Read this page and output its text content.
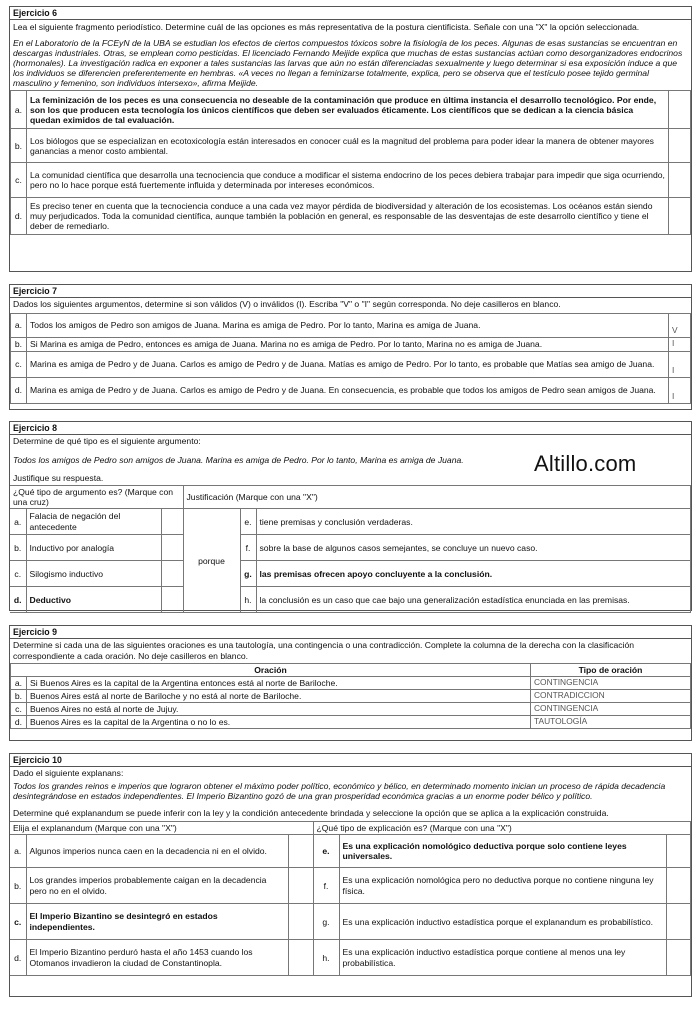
Ejercicio 6
Lea el siguiente fragmento periodístico. Determine cuál de las opciones es más representativa de la postura cientificista. Señale con una "X" la opción seleccionada.
En el Laboratorio de la FCEyN de la UBA se estudian los efectos de ciertos compuestos tóxicos sobre la fisiología de los peces. Algunas de esas sustancias se encuentran en descargas industriales. Otras, se emplean como pesticidas. El licenciado Fernando Meijide explica que muchas de estas sustancias actúan como desorganizadores endocrinos (hormonales). La investigación radica en exponer a tales sustancias las larvas que aún no están diferenciadas sexualmente y luego determinar si esa exposición induce a que los individuos se diferencien preferentemente en hembras. «A veces no llegan a feminizarse totalmente, explica, pero se observa que el testículo posee tejido germinal masculino y femenino, son individuos intersexo», afirma Meijide.
a.	La feminización de los peces es una consecuencia no deseable de la contaminación que produce en última instancia el desarrollo tecnológico. Por ende, son los que producen esta tecnología los únicos científicos que deben ser evaluados éticamente. Los científicos que se dedican a la ciencia básica quedan eximidos de tal evaluación.	
b.	Los biólogos que se especializan en ecotoxicología están interesados en conocer cuál es la magnitud del problema para poder idear la manera de obtener mayores ganancias a menor costo ambiental.	
c.	La comunidad científica que desarrolla una tecnociencia que conduce a modificar el sistema endocrino de los peces debiera trabajar para impedir que siga ocurriendo, pero no lo hace porque está fuertemente influida y determinada por intereses económicos.	
d.	Es preciso tener en cuenta que la tecnociencia conduce a una cada vez mayor pérdida de biodiversidad y alteración de los ecosistemas. Los océanos están siendo muy perjudicados. Toda la comunidad científica, aunque también la población en general, es responsable de las desventajas de este desarrollo científico y tiene el deber de remediarlo.	
Ejercicio 7
Dados los siguientes argumentos, determine si son válidos (V) o inválidos (I). Escriba "V" o "I" según corresponda. No deje casilleros en blanco.
a.	Todos los amigos de Pedro son amigos de Juana. Marina es amiga de Pedro. Por lo tanto, Marina es amiga de Juana.	V
b.	Si Marina es amiga de Pedro, entonces es amiga de Juana. Marina no es amiga de Pedro. Por lo tanto, Marina no es amiga de Juana.	I
c.	Marina es amiga de Pedro y de Juana. Carlos es amigo de Pedro y de Juana. Matías es amigo de Pedro. Por lo tanto, es probable que Matías sea amigo de Juana.	I
d.	Marina es amiga de Pedro y de Juana. Carlos es amigo de Pedro y de Juana. En consecuencia, es probable que todos los amigos de Pedro sean amigos de Juana.	I
Ejercicio 8
Determine de qué tipo es el siguiente argumento:
Todos los amigos de Pedro son amigos de Juana. Marina es amiga de Pedro. Por lo tanto, Marina es amiga de Juana.
Justifique su respuesta.
¿Qué tipo de argumento es? (Marque con una cruz)			Justificación (Marque con una "X")		
a.	Falacia de negación del antecedente		porque	e.	tiene premisas y conclusión verdaderas.
b.	Inductivo por analogía			f.	sobre la base de algunos casos semejantes, se concluye un nuevo caso.
c.	Silogismo inductivo			g.	las premisas ofrecen apoyo concluyente a la conclusión.
d.	Deductivo			h.	la conclusión es un caso que cae bajo una generalización estadística enunciada en las premisas.
Altillo.com
Ejercicio 9
Determine si cada una de las siguientes oraciones es una tautología, una contingencia o una contradicción. Complete la columna de la derecha con la clasificación correspondiente a cada oración. No deje casilleros en blanco.
Oración		Tipo de oración
a.	Si Buenos Aires es la capital de la Argentina entonces está al norte de Bariloche.	CONTINGENCIA
b.	Buenos Aires está al norte de Bariloche y no está al norte de Bariloche.	CONTRADICCION
c.	Buenos Aires no está al norte de Jujuy.	CONTINGENCIA
d.	Buenos Aires es la capital de la Argentina o no lo es.	TAUTOLOGÍA
Ejercicio 10
Dado el siguiente explanans:
Todos los grandes reinos e imperios que lograron obtener el máximo poder político, económico y bélico, en determinado momento inician un proceso de rápida decadencia desintegrándose en estados independientes. El Imperio Bizantino gozó de una gran prosperidad económica gracias a un enorme poder bélico y político.
Determine qué explanandum se puede inferir con la ley y la condición antecedente brindada y seleccione la opción que se aplica a la explicación construida.
Elija el explanandum (Marque con una "X")			¿Qué tipo de explicación es? (Marque con una "X")		
a.	Algunos imperios nunca caen en la decadencia ni en el olvido.		e.	Es una explicación nomológico deductiva porque solo contiene leyes universales.	
b.	Los grandes imperios probablemente caigan en la decadencia pero no en el olvido.		f.	Es una explicación nomológica pero no deductiva porque no contiene ninguna ley física.	
c.	El Imperio Bizantino se desintegró en estados independientes.		g.	Es una explicación inductivo estadística porque el explanandum es probabilístico.	
d.	El Imperio Bizantino perduró hasta el año 1453 cuando los Otomanos invadieron la ciudad de Constantinopla.		h.	Es una explicación inductivo estadística porque contiene al menos una ley probabilística.	
